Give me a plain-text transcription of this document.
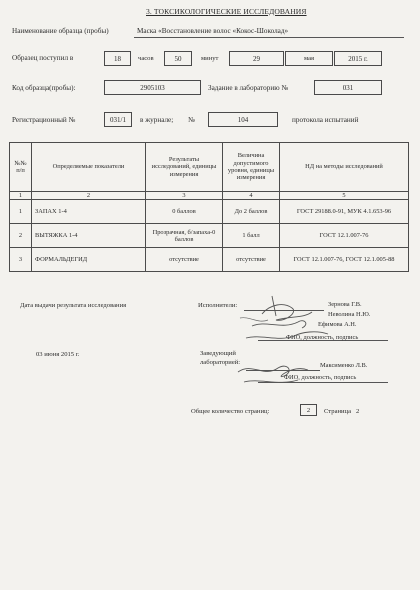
3. ТОКСИКОЛОГИЧЕСКИЕ ИССЛЕДОВАНИЯ
Наименование образца (пробы)	Маска «Восстановление волос «Кокос-Шоколад»
Образец поступил в	18	часов	50	минут	29	мая	2015 г.
Код образца(пробы):	2905103	Задание в лабораторию №	031
Регистрационный №	031/1	в журнале; №	104	протокола испытаний
№№ п/п	Определяемые показатели	Результаты исследований, единицы измерения	Величина допустимого уровня, единицы измерения	НД на методы исследований
1	2	3	4	5
1	ЗАПАХ 1-4	0 баллов	До 2 баллов	ГОСТ 29188.0-91, МУК 4.1.653-96
2	ВЫТЯЖКА 1-4	Прозрачная, б/запаха-0 баллов	1 балл	ГОСТ 12.1.007-76
3	ФОРМАЛЬДЕГИД	отсутствие	отсутствие	ГОСТ 12.1.007-76, ГОСТ 12.1.005-88
Дата выдачи результата исследования
03 июня 2015 г.
Исполнители:	Зернова Г.В.
Неволина Н.Ю.
Ефимова А.Н.
ФИО, должность, подпись
Заведующий
лабораторией:	Максименко Л.В.
ФИО, должность, подпись
Общее количество страниц:	2	Страница 2
